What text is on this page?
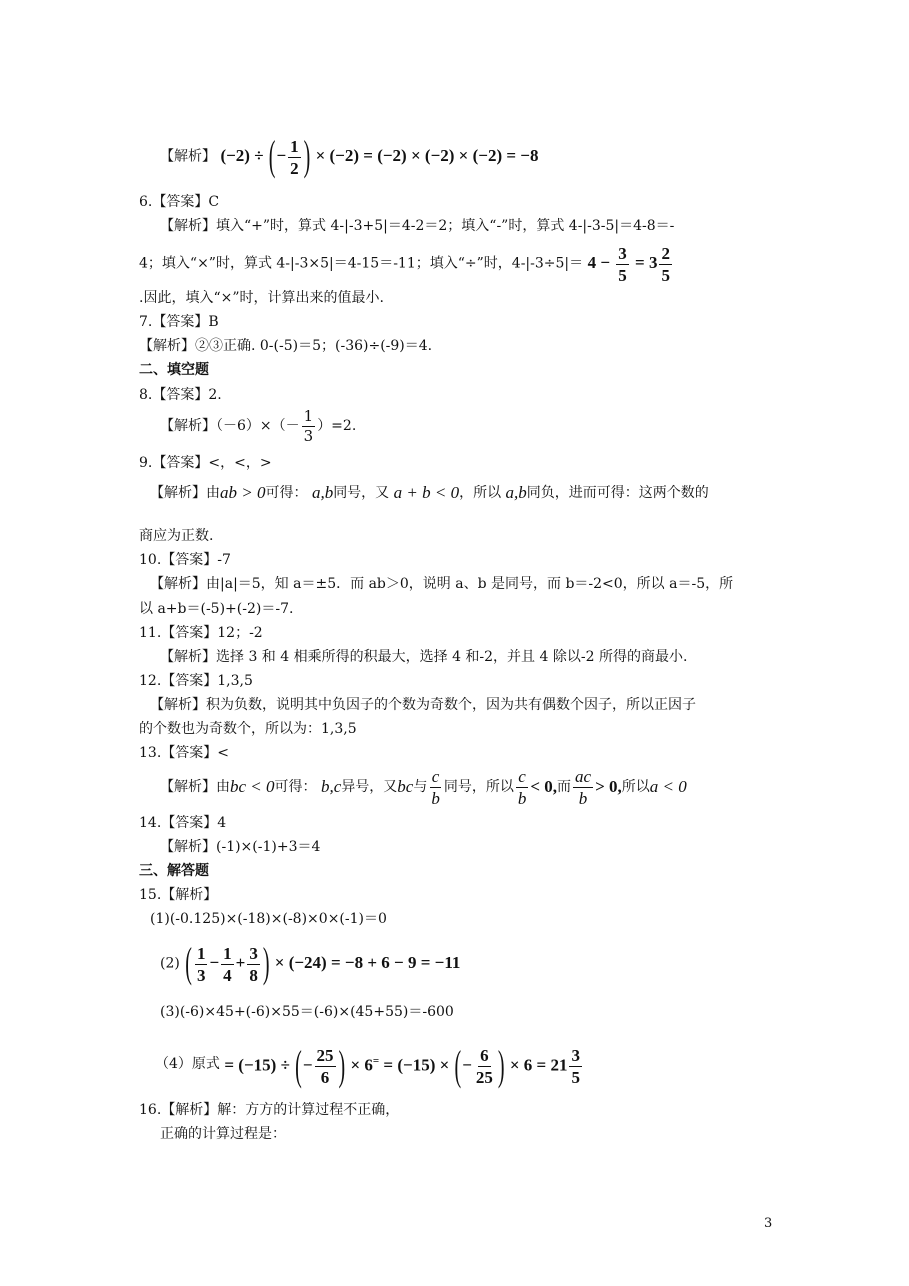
【解析】 (−2) ÷ (− $\frac{1}{2}$ ) × (−2) = (−2) × (−2) × (−2) = −8
6.【答案】C
【解析】填入“+”时，算式 4-|-3+5|＝4-2＝2；填入“-”时，算式 4-|-3-5|＝4-8＝-
4；填入“×”时，算式 4-|-3×5|＝4-15＝-11；填入“÷”时，$4-|-3\div 5|= 4 - \frac{3}{5} = 3 \frac{2}{5}$
.因此，填入“×”时，计算出来的值最小.
7.【答案】B
【解析】②③正确. 0-(-5)＝5；(-36)÷(-9)＝4.
二、填空题
8.【答案】2.
【解析】$(-6)\times(- \frac{1}{3} )=2$.
9.【答案】<，<，>
【解析】由ab > 0可得： a,b同号，又 a + b < 0，所以 a,b同负，进而可得：这两个数的
商应为正数.
10.【答案】-7
【解析】由|a|＝5，知 a＝±5．而 ab＞0，说明 a、b 是同号，而 b＝-2<0，所以 a＝-5，所
以 a+b＝(-5)+(-2)＝-7.
11.【答案】12；-2
【解析】选择 3 和 4 相乘所得的积最大，选择 4 和-2，并且 4 除以-2 所得的商最小.
12.【答案】1,3,5
【解析】积为负数，说明其中负因子的个数为奇数个，因为共有偶数个因子，所以正因子
的个数也为奇数个，所以为：1,3,5
13.【答案】<
【解析】由bc < 0可得： b,c异号，又bc与 $\frac{c}{b}$ 同号，所以 $\frac{c}{b} < 0$,而 $\frac{ac}{b} > 0$,所以a < 0
14.【答案】4
【解析】(-1)×(-1)+3＝4
三、解答题
15.【解析】
(1)(-0.125)×(-18)×(-8)×0×(-1)＝0
(2) ( $\frac{1}{3} - \frac{1}{4} + \frac{3}{8}$ ) × (−24) = −8 + 6 − 9 = −11
(3)(-6)×45+(-6)×55＝(-6)×(45+55)＝-600
（4）原式 = (−15) ÷ (− $\frac{25}{6}$ ) × 6= = (−15) × (− $\frac{6}{25}$ ) × $6 = 21 \frac{3}{5}$
16.【解析】解：方方的计算过程不正确，
正确的计算过程是：
3
